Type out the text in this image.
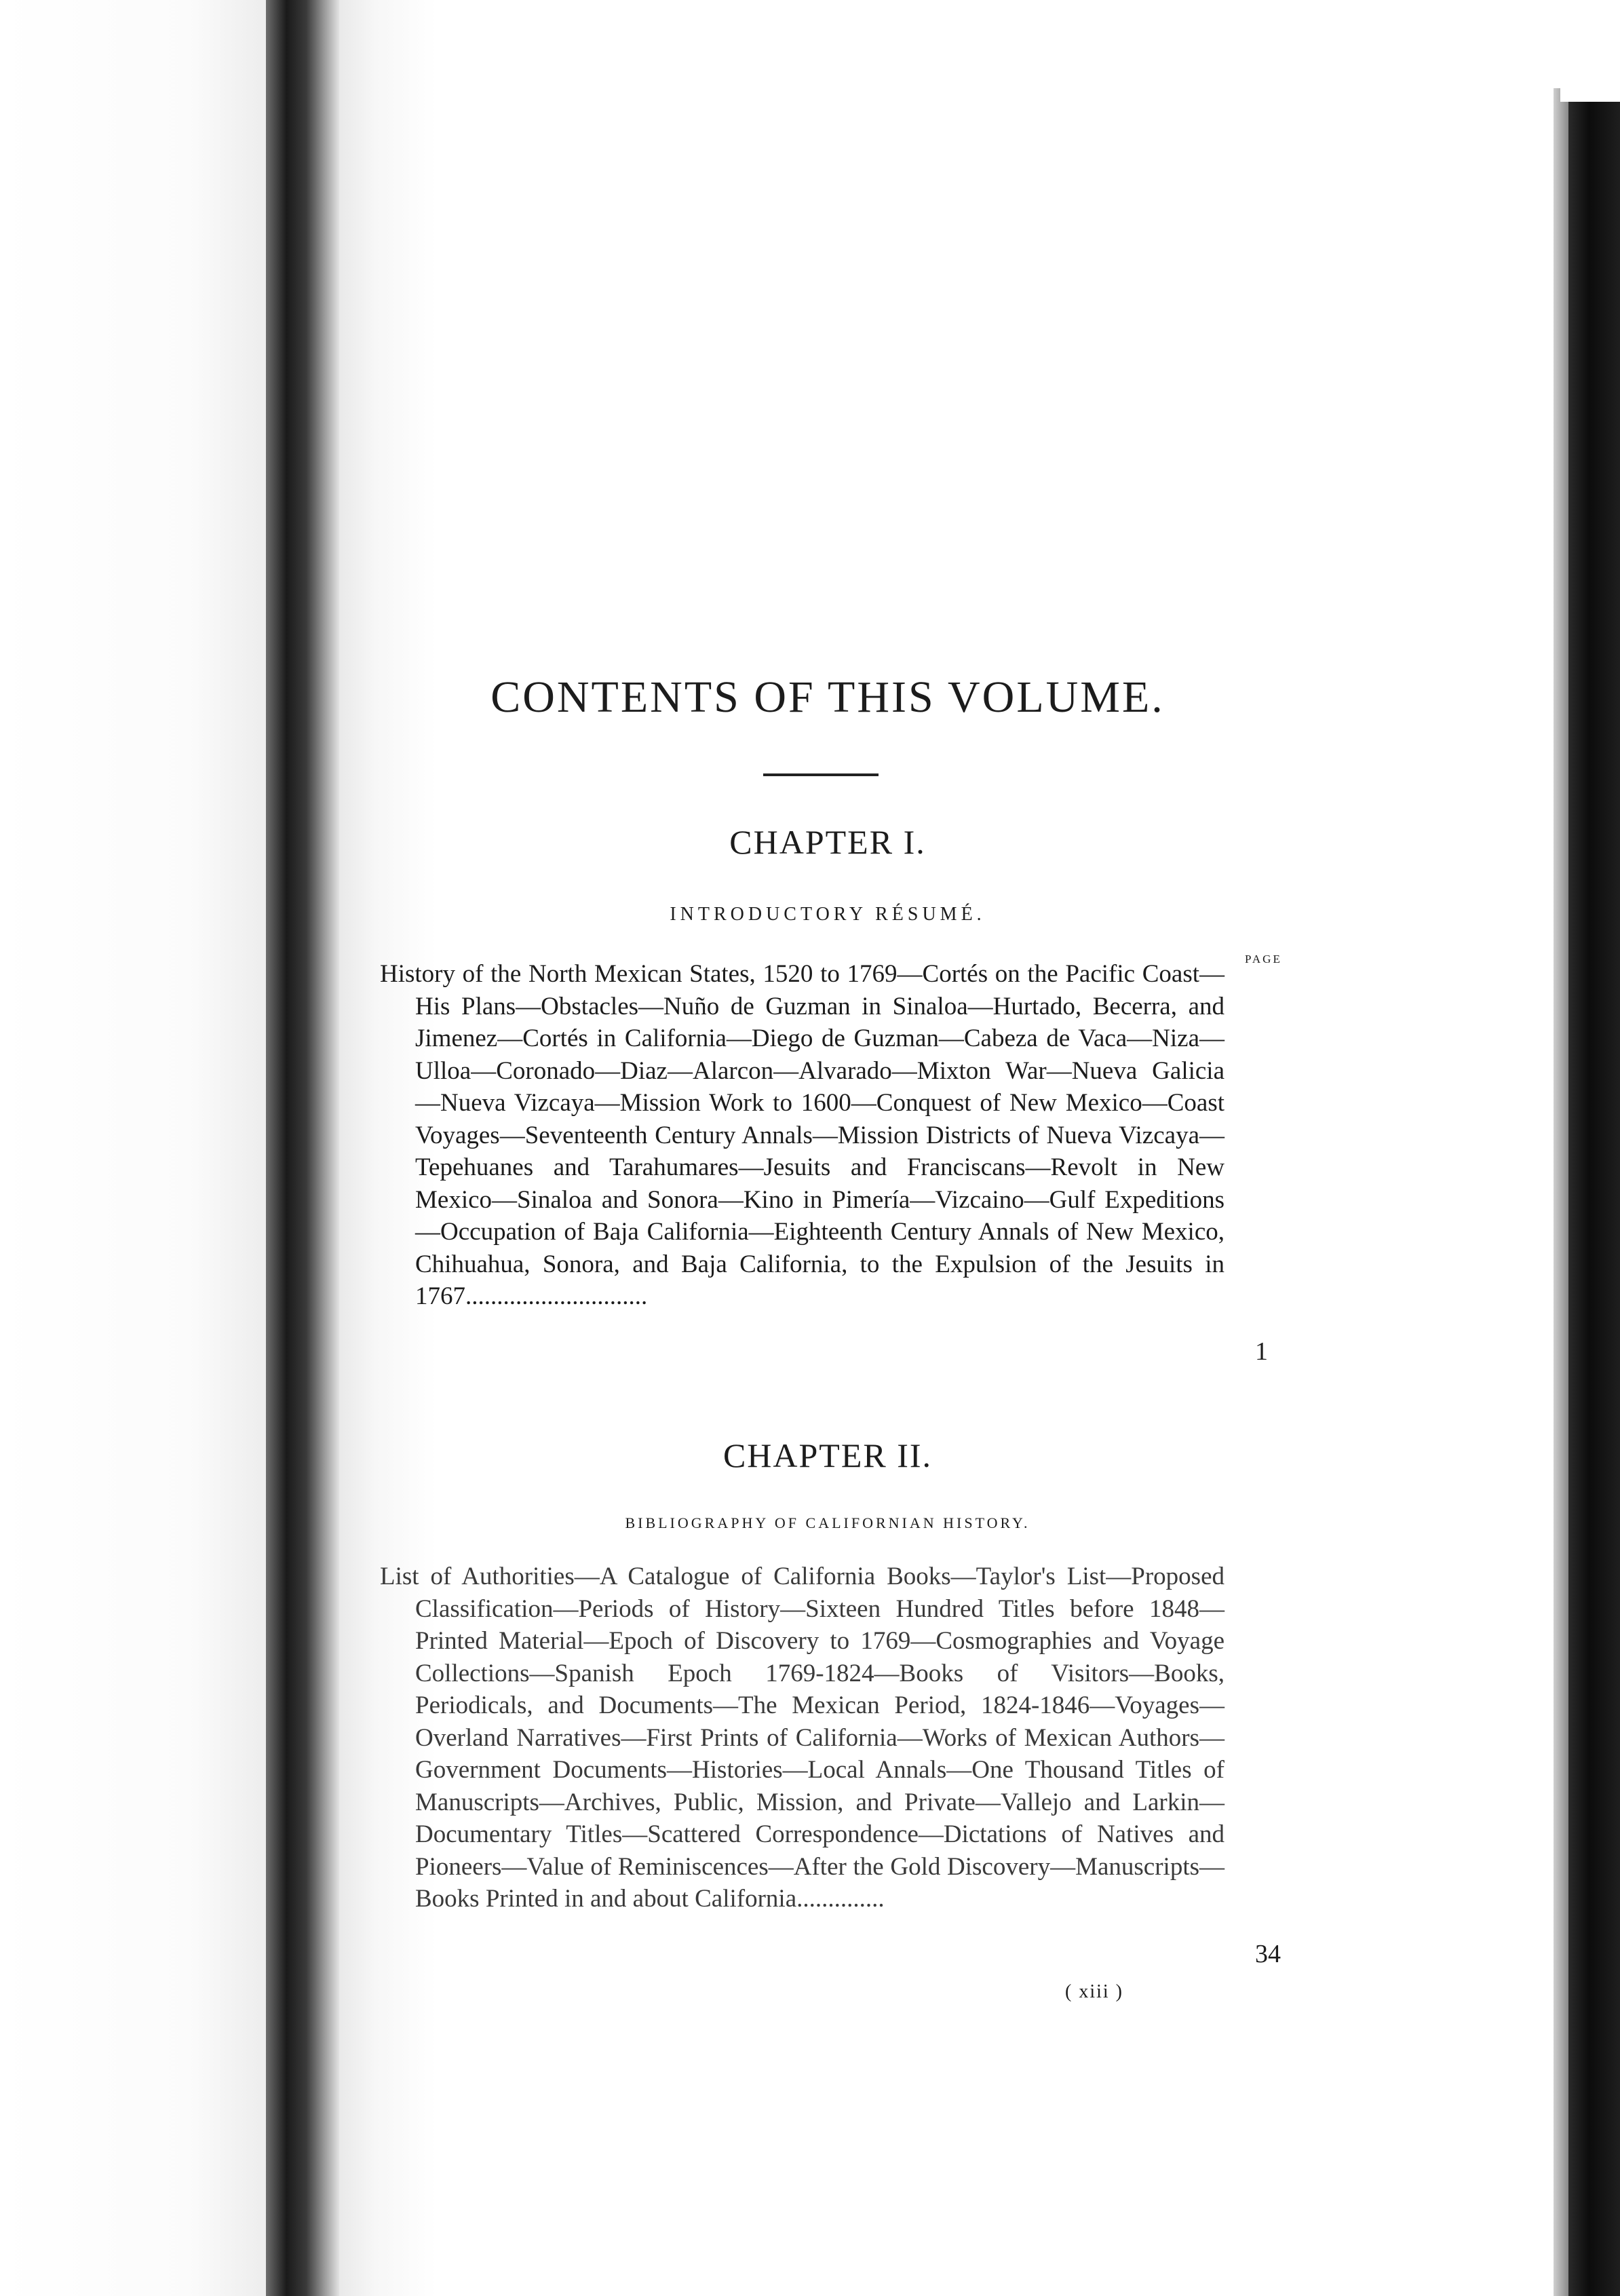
CONTENTS OF THIS VOLUME.
CHAPTER I.
INTRODUCTORY RÉSUMÉ.
PAGE

History of the North Mexican States, 1520 to 1769—Cortés on the Pacific Coast—His Plans—Obstacles—Nuño de Guzman in Sinaloa—Hurtado, Becerra, and Jimenez—Cortés in California—Diego de Guzman—Cabeza de Vaca—Niza—Ulloa—Coronado—Diaz—Alarcon—Alvarado—Mixton War—Nueva Galicia—Nueva Vizcaya—Mission Work to 1600—Conquest of New Mexico—Coast Voyages—Seventeenth Century Annals—Mission Districts of Nueva Vizcaya—Tepehuanes and Tarahumares—Jesuits and Franciscans—Revolt in New Mexico—Sinaloa and Sonora—Kino in Pimería—Vizcaino—Gulf Expeditions—Occupation of Baja California—Eighteenth Century Annals of New Mexico, Chihuahua, Sonora, and Baja California, to the Expulsion of the Jesuits in 1767.............................

1
CHAPTER II.
BIBLIOGRAPHY OF CALIFORNIAN HISTORY.

List of Authorities—A Catalogue of California Books—Taylor's List—Proposed Classification—Periods of History—Sixteen Hundred Titles before 1848—Printed Material—Epoch of Discovery to 1769—Cosmographies and Voyage Collections—Spanish Epoch 1769-1824—Books of Visitors—Books, Periodicals, and Documents—The Mexican Period, 1824-1846—Voyages—Overland Narratives—First Prints of California—Works of Mexican Authors—Government Documents—Histories—Local Annals—One Thousand Titles of Manuscripts—Archives, Public, Mission, and Private—Vallejo and Larkin—Documentary Titles—Scattered Correspondence—Dictations of Natives and Pioneers—Value of Reminiscences—After the Gold Discovery—Manuscripts—Books Printed in and about California..............

34
( xiii )
